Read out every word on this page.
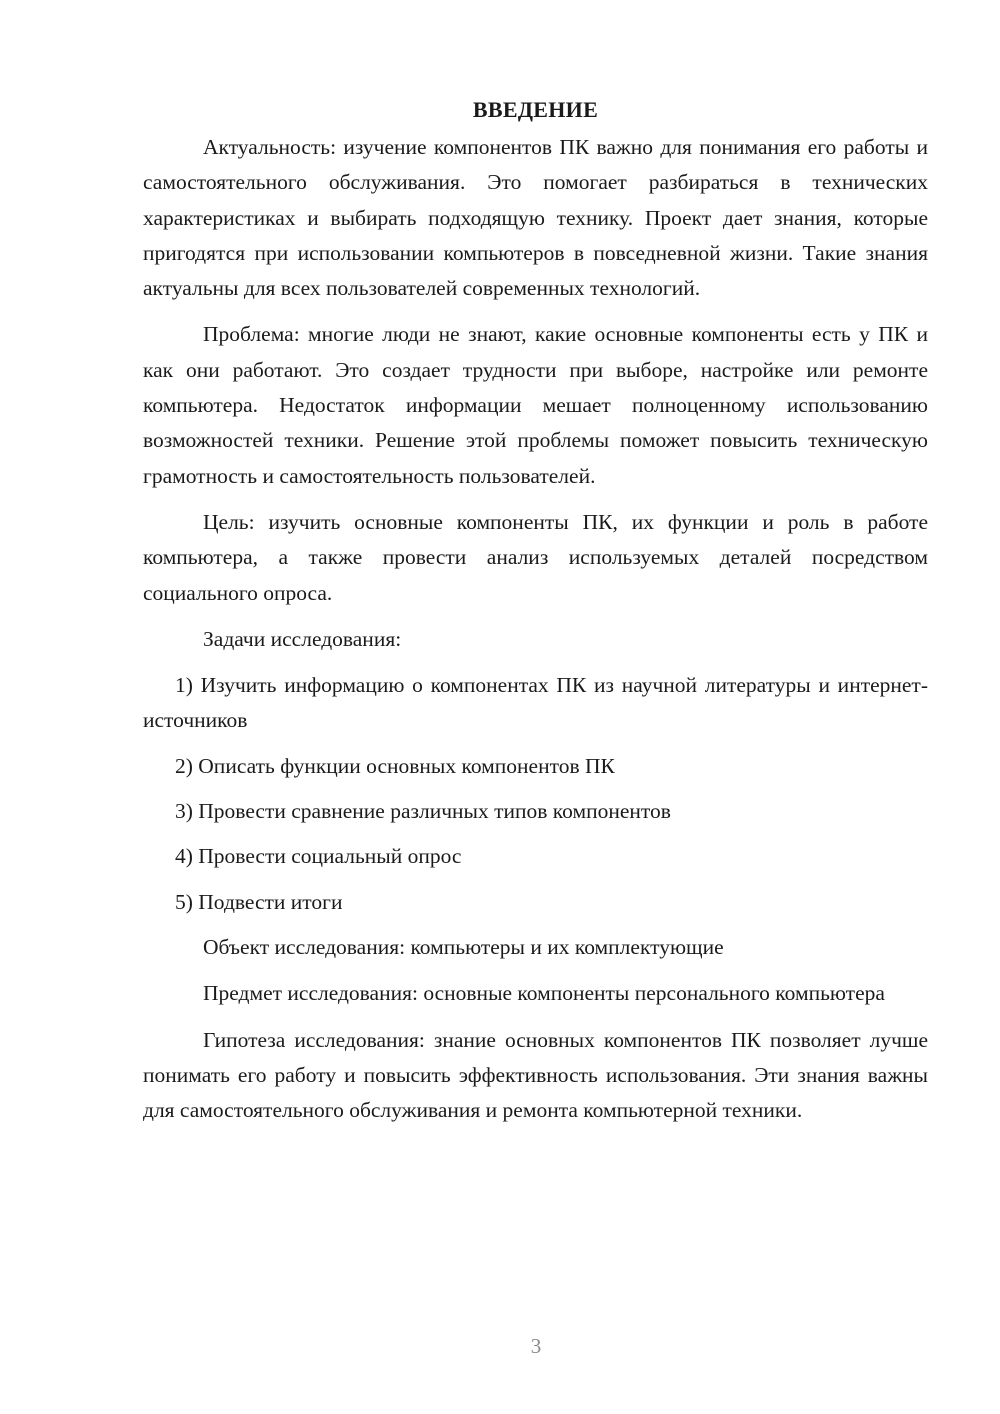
ВВЕДЕНИЕ

Актуальность: изучение компонентов ПК важно для понимания его работы и самостоятельного обслуживания. Это помогает разбираться в технических характеристиках и выбирать подходящую технику. Проект дает знания, которые пригодятся при использовании компьютеров в повседневной жизни. Такие знания актуальны для всех пользователей современных технологий.

Проблема: многие люди не знают, какие основные компоненты есть у ПК и как они работают. Это создает трудности при выборе, настройке или ремонте компьютера. Недостаток информации мешает полноценному использованию возможностей техники. Решение этой проблемы поможет повысить техническую грамотность и самостоятельность пользователей.

Цель: изучить основные компоненты ПК, их функции и роль в работе компьютера, а также провести анализ используемых деталей посредством социального опроса.

Задачи исследования:

1) Изучить информацию о компонентах ПК из научной литературы и интернет-источников

2) Описать функции основных компонентов ПК

3) Провести сравнение различных типов компонентов

4) Провести социальный опрос

5) Подвести итоги

Объект исследования: компьютеры и их комплектующие

Предмет исследования: основные компоненты персонального компьютера

Гипотеза исследования: знание основных компонентов ПК позволяет лучше понимать его работу и повысить эффективность использования. Эти знания важны для самостоятельного обслуживания и ремонта компьютерной техники.

3
